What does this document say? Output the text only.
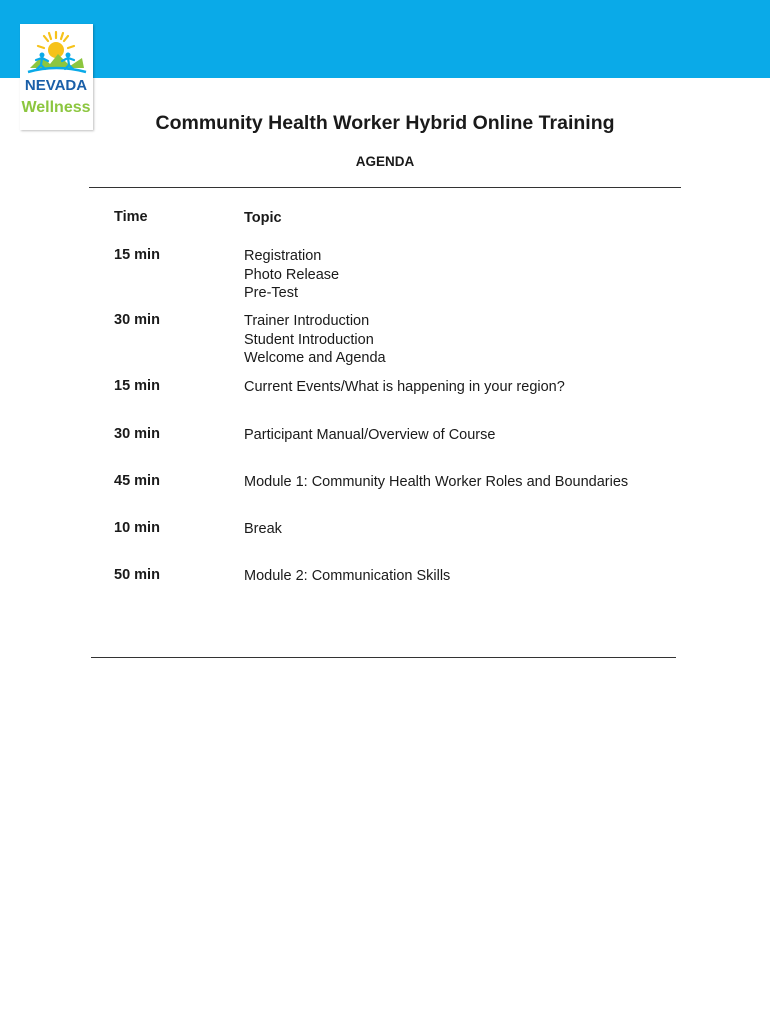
NEVADA
Wellness
Community Health Worker Hybrid Online Training
AGENDA
Time	Topic
15 min	Registration
Photo Release
Pre-Test
30 min	Trainer Introduction
Student Introduction
Welcome and Agenda
15 min	Current Events/What is happening in your region?
30 min	Participant Manual/Overview of Course
45 min	Module 1: Community Health Worker Roles and Boundaries
10 min	Break
50 min	Module 2: Communication Skills
